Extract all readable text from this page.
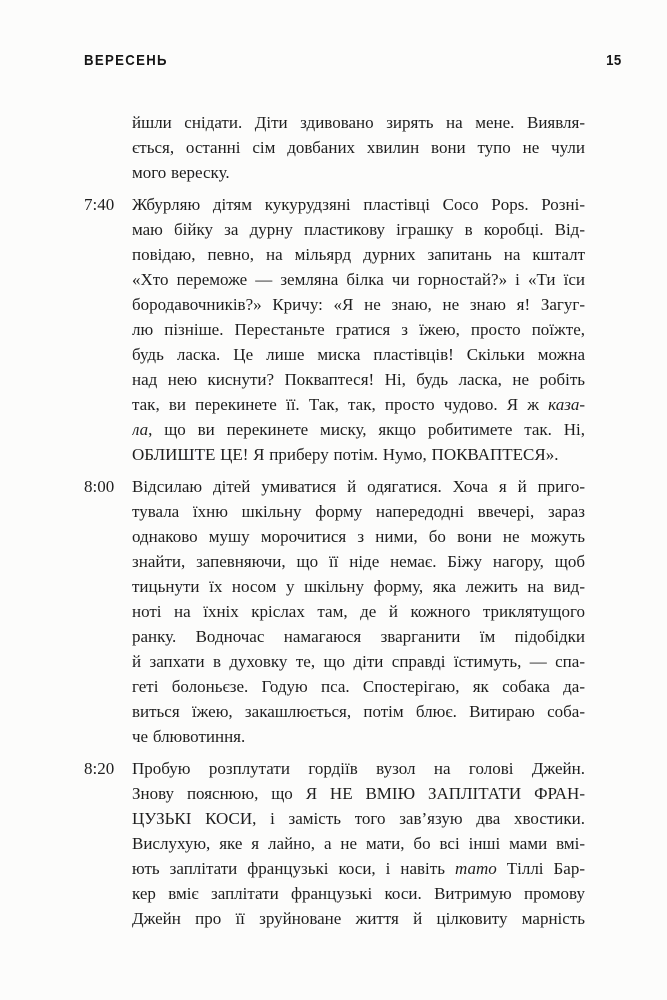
ВЕРЕСЕНЬ	15
йшли снідати. Діти здивовано зирять на мене. Виявля-
ється, останні сім довбаних хвилин вони тупо не чули
мого вереску.
7:40	Жбурляю дітям кукурудзяні пластівці Coco Pops. Розні-
маю бійку за дурну пластикову іграшку в коробці. Від-
повідаю, певно, на мільярд дурних запитань на кшталт
«Хто переможе — земляна білка чи горностай?» і «Ти їси
бородавочників?» Кричу: «Я не знаю, не знаю я! Загуг-
лю пізніше. Перестаньте гратися з їжею, просто поїжте,
будь ласка. Це лише миска пластівців! Скільки можна
над нею киснути? Покваптеся! Ні, будь ласка, не робіть
так, ви перекинете її. Так, так, просто чудово. Я ж каза-
ла, що ви перекинете миску, якщо робитимете так. Ні,
ОБЛИШТЕ ЦЕ! Я приберу потім. Нумо, ПОКВАПТЕСЯ».
8:00	Відсилаю дітей умиватися й одягатися. Хоча я й приго-
тувала їхню шкільну форму напередодні ввечері, зараз
однаково мушу морочитися з ними, бо вони не можуть
знайти, запевняючи, що її ніде немає. Біжу нагору, щоб
тицьнути їх носом у шкільну форму, яка лежить на вид-
ноті на їхніх кріслах там, де й кожного триклятущого
ранку. Водночас намагаюся зварганити їм підобідки
й запхати в духовку те, що діти справді їстимуть, — спа-
геті болоньєзе. Годую пса. Спостерігаю, як собака да-
виться їжею, закашлюється, потім блює. Витираю соба-
че блювотиння.
8:20	Пробую розплутати гордіїв вузол на голові Джейн.
Знову пояснюю, що Я НЕ ВМІЮ ЗАПЛІТАТИ ФРАН-
ЦУЗЬКІ КОСИ, і замість того зав’язую два хвостики.
Вислухую, яке я лайно, а не мати, бо всі інші мами вмі-
ють заплітати французькі коси, і навіть тато Тіллі Бар-
кер вміє заплітати французькі коси. Витримую промову
Джейн про її зруйноване життя й цілковиту марність
